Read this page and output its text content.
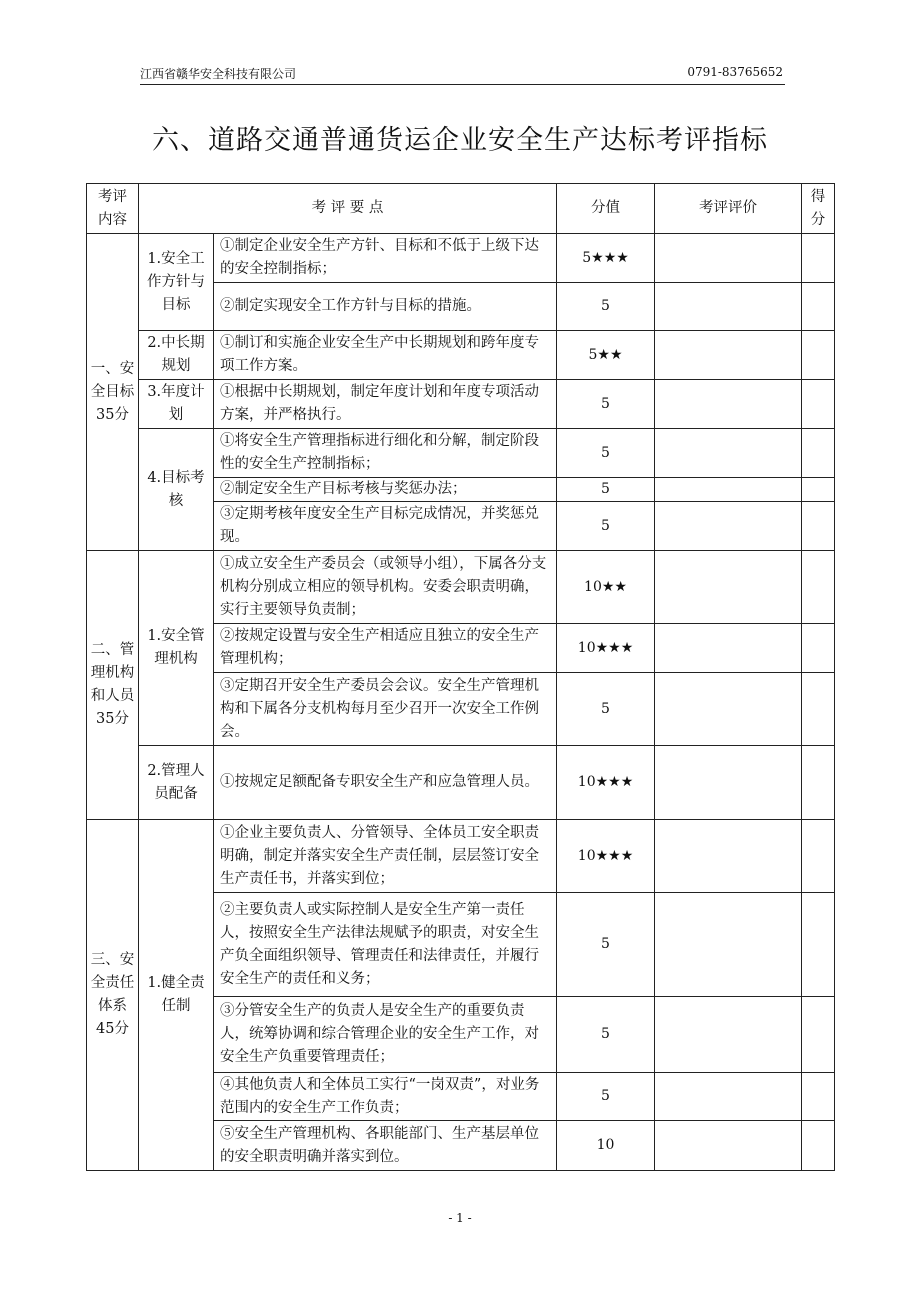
江西省赣华安全科技有限公司	0791-83765652
六、道路交通普通货运企业安全生产达标考评指标
考评内容	考 评 要 点		分值	考评评价	得分
一、安全目标35分	1.安全工作方针与目标	①制定企业安全生产方针、目标和不低于上级下达的安全控制指标；	5★★★		
		②制定实现安全工作方针与目标的措施。	5		
	2.中长期规划	①制订和实施企业安全生产中长期规划和跨年度专项工作方案。	5★★		
	3.年度计划	①根据中长期规划，制定年度计划和年度专项活动方案，并严格执行。	5		
	4.目标考核	①将安全生产管理指标进行细化和分解，制定阶段性的安全生产控制指标；	5		
		②制定安全生产目标考核与奖惩办法；	5		
		③定期考核年度安全生产目标完成情况，并奖惩兑现。	5		
二、管理机构和人员35分	1.安全管理机构	①成立安全生产委员会（或领导小组），下属各分支机构分别成立相应的领导机构。安委会职责明确，实行主要领导负责制；	10★★		
		②按规定设置与安全生产相适应且独立的安全生产管理机构；	10★★★		
		③定期召开安全生产委员会会议。安全生产管理机构和下属各分支机构每月至少召开一次安全工作例会。	5		
	2.管理人员配备	①按规定足额配备专职安全生产和应急管理人员。	10★★★		
三、安全责任体系45分	1.健全责任制	①企业主要负责人、分管领导、全体员工安全职责明确，制定并落实安全生产责任制，层层签订安全生产责任书，并落实到位；	10★★★		
		②主要负责人或实际控制人是安全生产第一责任人，按照安全生产法律法规赋予的职责，对安全生产负全面组织领导、管理责任和法律责任，并履行安全生产的责任和义务；	5		
		③分管安全生产的负责人是安全生产的重要负责人，统筹协调和综合管理企业的安全生产工作，对安全生产负重要管理责任；	5		
		④其他负责人和全体员工实行“一岗双责”，对业务范围内的安全生产工作负责；	5		
		⑤安全生产管理机构、各职能部门、生产基层单位的安全职责明确并落实到位。	10		
- 1 -
